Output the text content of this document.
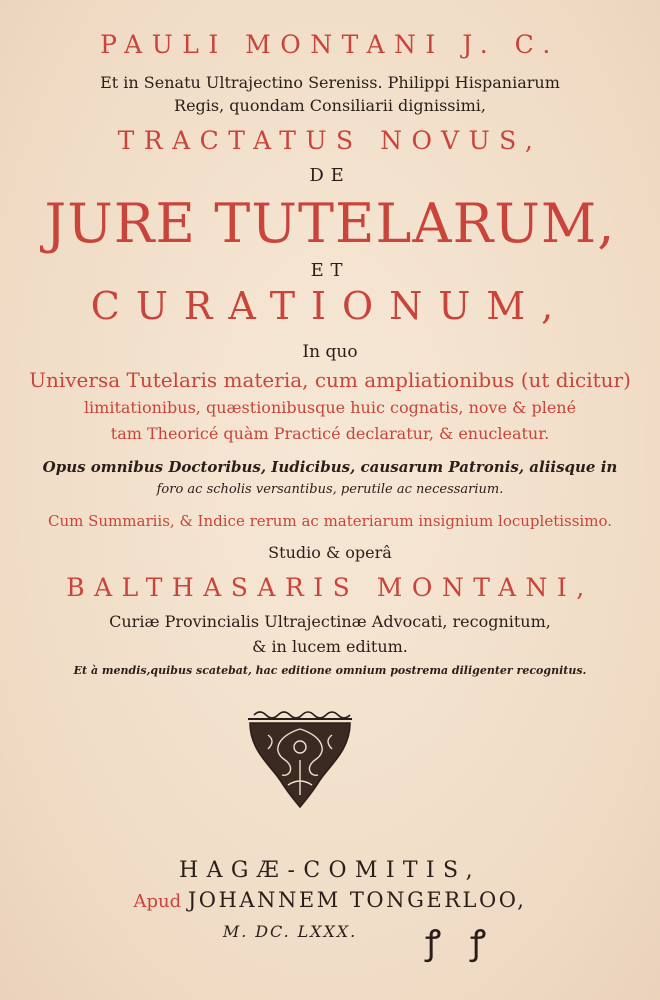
PAULI MONTANI J. C.
Et in Senatu Ultrajectino Sereniss. Philippi Hispaniarum
Regis, quondam Consiliarii dignissimi,
TRACTATUS NOVUS,
DE
JURE TUTELARUM,
ET
CURATIONUM,
In quo
Universa Tutelaris materia, cum ampliationibus (ut dicitur)
limitationibus, quæstionibusque huic cognatis, nove & plené
tam Theoricé quàm Practicé declaratur, & enucleatur.
Opus omnibus Doctoribus, Iudicibus, causarum Patronis, aliisque in
foro ac scholis versantibus, perutile ac necessarium.
Cum Summariis, & Indice rerum ac materiarum insignium locupletissimo.
Studio & operâ
BALTHASARIS MONTANI,
Curiæ Provincialis Ultrajectinæ Advocati, recognitum,
& in lucem editum.
Et à mendis,quibus scatebat, hac editione omnium postrema diligenter recognitus.
HAGÆ-COMITIS,
Apud JOHANNEM TONGERLOO,
M. DC. LXXX.	ꝭ ꝭ
